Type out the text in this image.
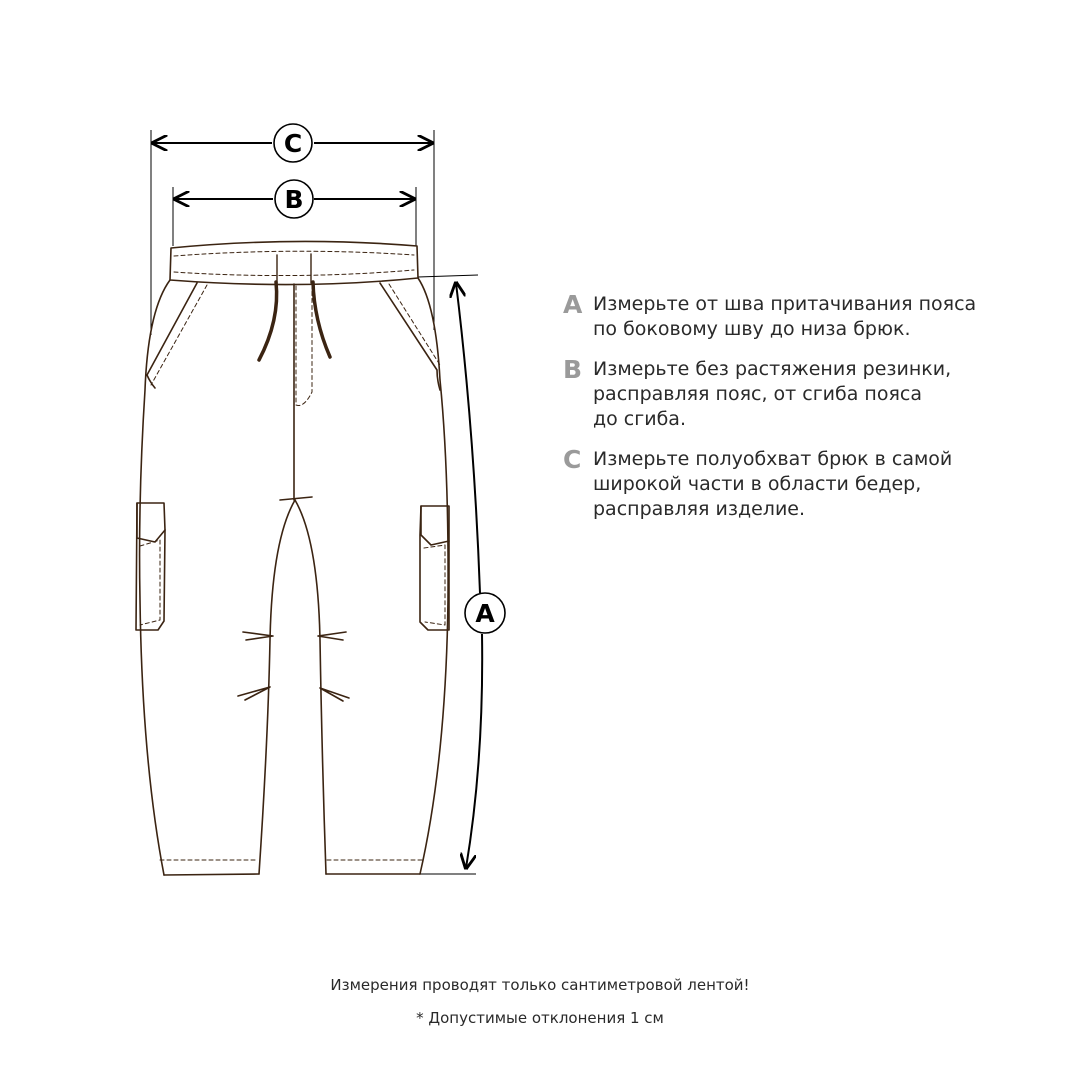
C
B
A
A Измерьте от шва притачивания пояса
по боковому шву до низа брюк.
B Измерьте без растяжения резинки,
расправляя пояс, от сгиба пояса
до сгиба.
C Измерьте полуобхват брюк в самой
широкой части в области бедер,
расправляя изделие.
Измерения проводят только сантиметровой лентой!
* Допустимые отклонения 1 см
